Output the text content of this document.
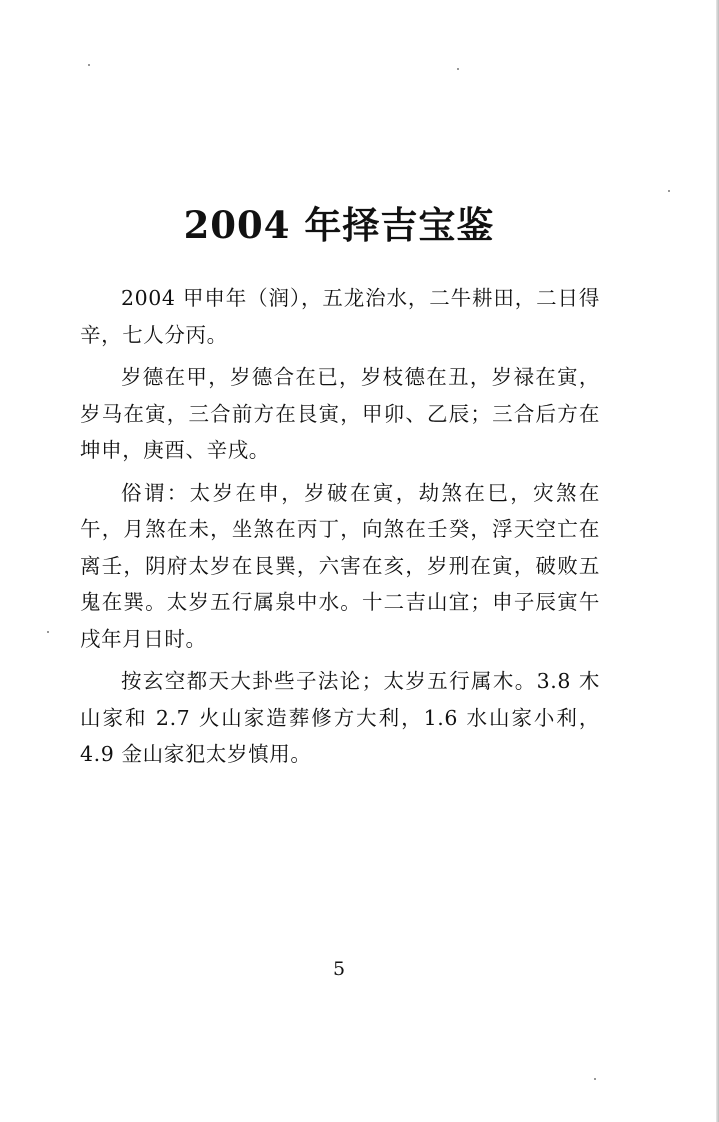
2004 年择吉宝鉴

2004 甲申年（润），五龙治水，二牛耕田，二日得辛，七人分丙。

岁德在甲，岁德合在已，岁枝德在丑，岁禄在寅，岁马在寅，三合前方在艮寅，甲卯、乙辰；三合后方在坤申，庚酉、辛戌。

俗谓：太岁在申，岁破在寅，劫煞在巳，灾煞在午，月煞在未，坐煞在丙丁，向煞在壬癸，浮天空亡在离壬，阴府太岁在艮巽，六害在亥，岁刑在寅，破败五鬼在巽。太岁五行属泉中水。十二吉山宜；申子辰寅午戌年月日时。

按玄空都天大卦些子法论；太岁五行属木。3.8 木山家和 2.7 火山家造葬修方大利，1.6 水山家小利，4.9 金山家犯太岁慎用。

5
